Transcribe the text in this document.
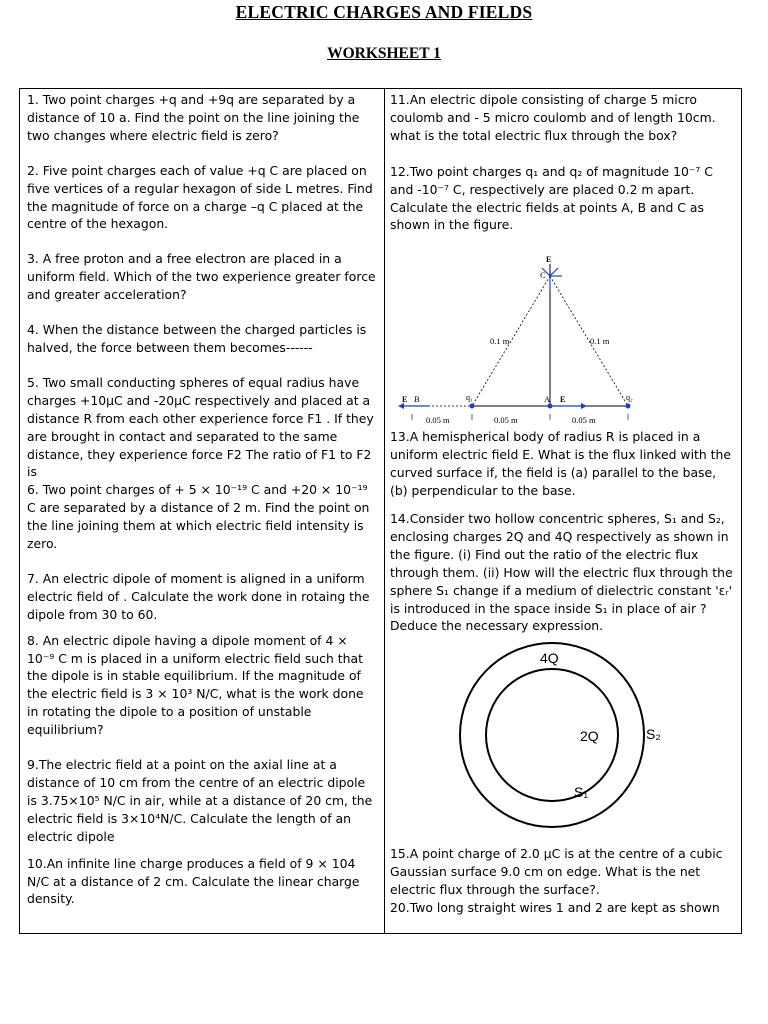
ELECTRIC CHARGES AND FIELDS
WORKSHEET 1

1. Two point charges +q and +9q are separated by a distance of 10 a. Find the point on the line joining the two changes where electric field is zero?

2. Five point charges each of value +q C are placed on five vertices of a regular hexagon of side L metres. Find the magnitude of force on a charge –q C placed at the centre of the hexagon.

3. A free proton and a free electron are placed in a uniform field. Which of the two experience greater force and greater acceleration?

4. When the distance between the charged particles is halved, the force between them becomes------

5. Two small conducting spheres of equal radius have charges +10μC and -20μC respectively and placed at a distance R from each other experience force F1 . If they are brought in contact and separated to the same distance, they experience force F2 The ratio of F1 to F2 is

6. Two point charges of + 5 × 10⁻¹⁹ C and +20 × 10⁻¹⁹ C are separated by a distance of 2 m. Find the point on the line joining them at which electric field intensity is zero.

7. An electric dipole of moment is aligned in a uniform electric field of . Calculate the work done in rotaing the dipole from 30 to 60.

8. An electric dipole having a dipole moment of 4 × 10⁻⁹ C m is placed in a uniform electric field such that the dipole is in stable equilibrium. If the magnitude of the electric field is 3 × 10³ N/C, what is the work done in rotating the dipole to a position of unstable equilibrium?

9.The electric field at a point on the axial line at a distance of 10 cm from the centre of an electric dipole is 3.75×10⁵ N/C in air, while at a distance of 20 cm, the electric field is 3×10⁴N/C. Calculate the length of an electric dipole

10.An infinite line charge produces a field of 9 × 104 N/C at a distance of 2 cm. Calculate the linear charge density.

11.An electric dipole consisting of charge 5 micro coulomb and - 5 micro coulomb and of length 10cm. what is the total electric flux through the box?

12.Two point charges q₁ and q₂ of magnitude 10⁻⁷ C and -10⁻⁷ C, respectively are placed 0.2 m apart. Calculate the electric fields at points A, B and C as shown in the figure.

0.1 m	0.1 m
0.05 m	0.05 m	0.05 m
C
A
B
E	E
E
q₁	q₂

13.A hemispherical body of radius R is placed in a uniform electric field E. What is the flux linked with the curved surface if, the field is (a) parallel to the base, (b) perpendicular to the base.

14.Consider two hollow concentric spheres, S₁ and S₂, enclosing charges 2Q and 4Q respectively as shown in the figure. (i) Find out the ratio of the electric flux through them. (ii) How will the electric flux through the sphere S₁ change if a medium of dielectric constant 'εᵣ' is introduced in the space inside S₁ in place of air ? Deduce the necessary expression.

4Q
2Q	S₂
S₁

15.A point charge of 2.0 μC is at the centre of a cubic Gaussian surface 9.0 cm on edge. What is the net electric flux through the surface?.

20.Two long straight wires 1 and 2 are kept as shown
